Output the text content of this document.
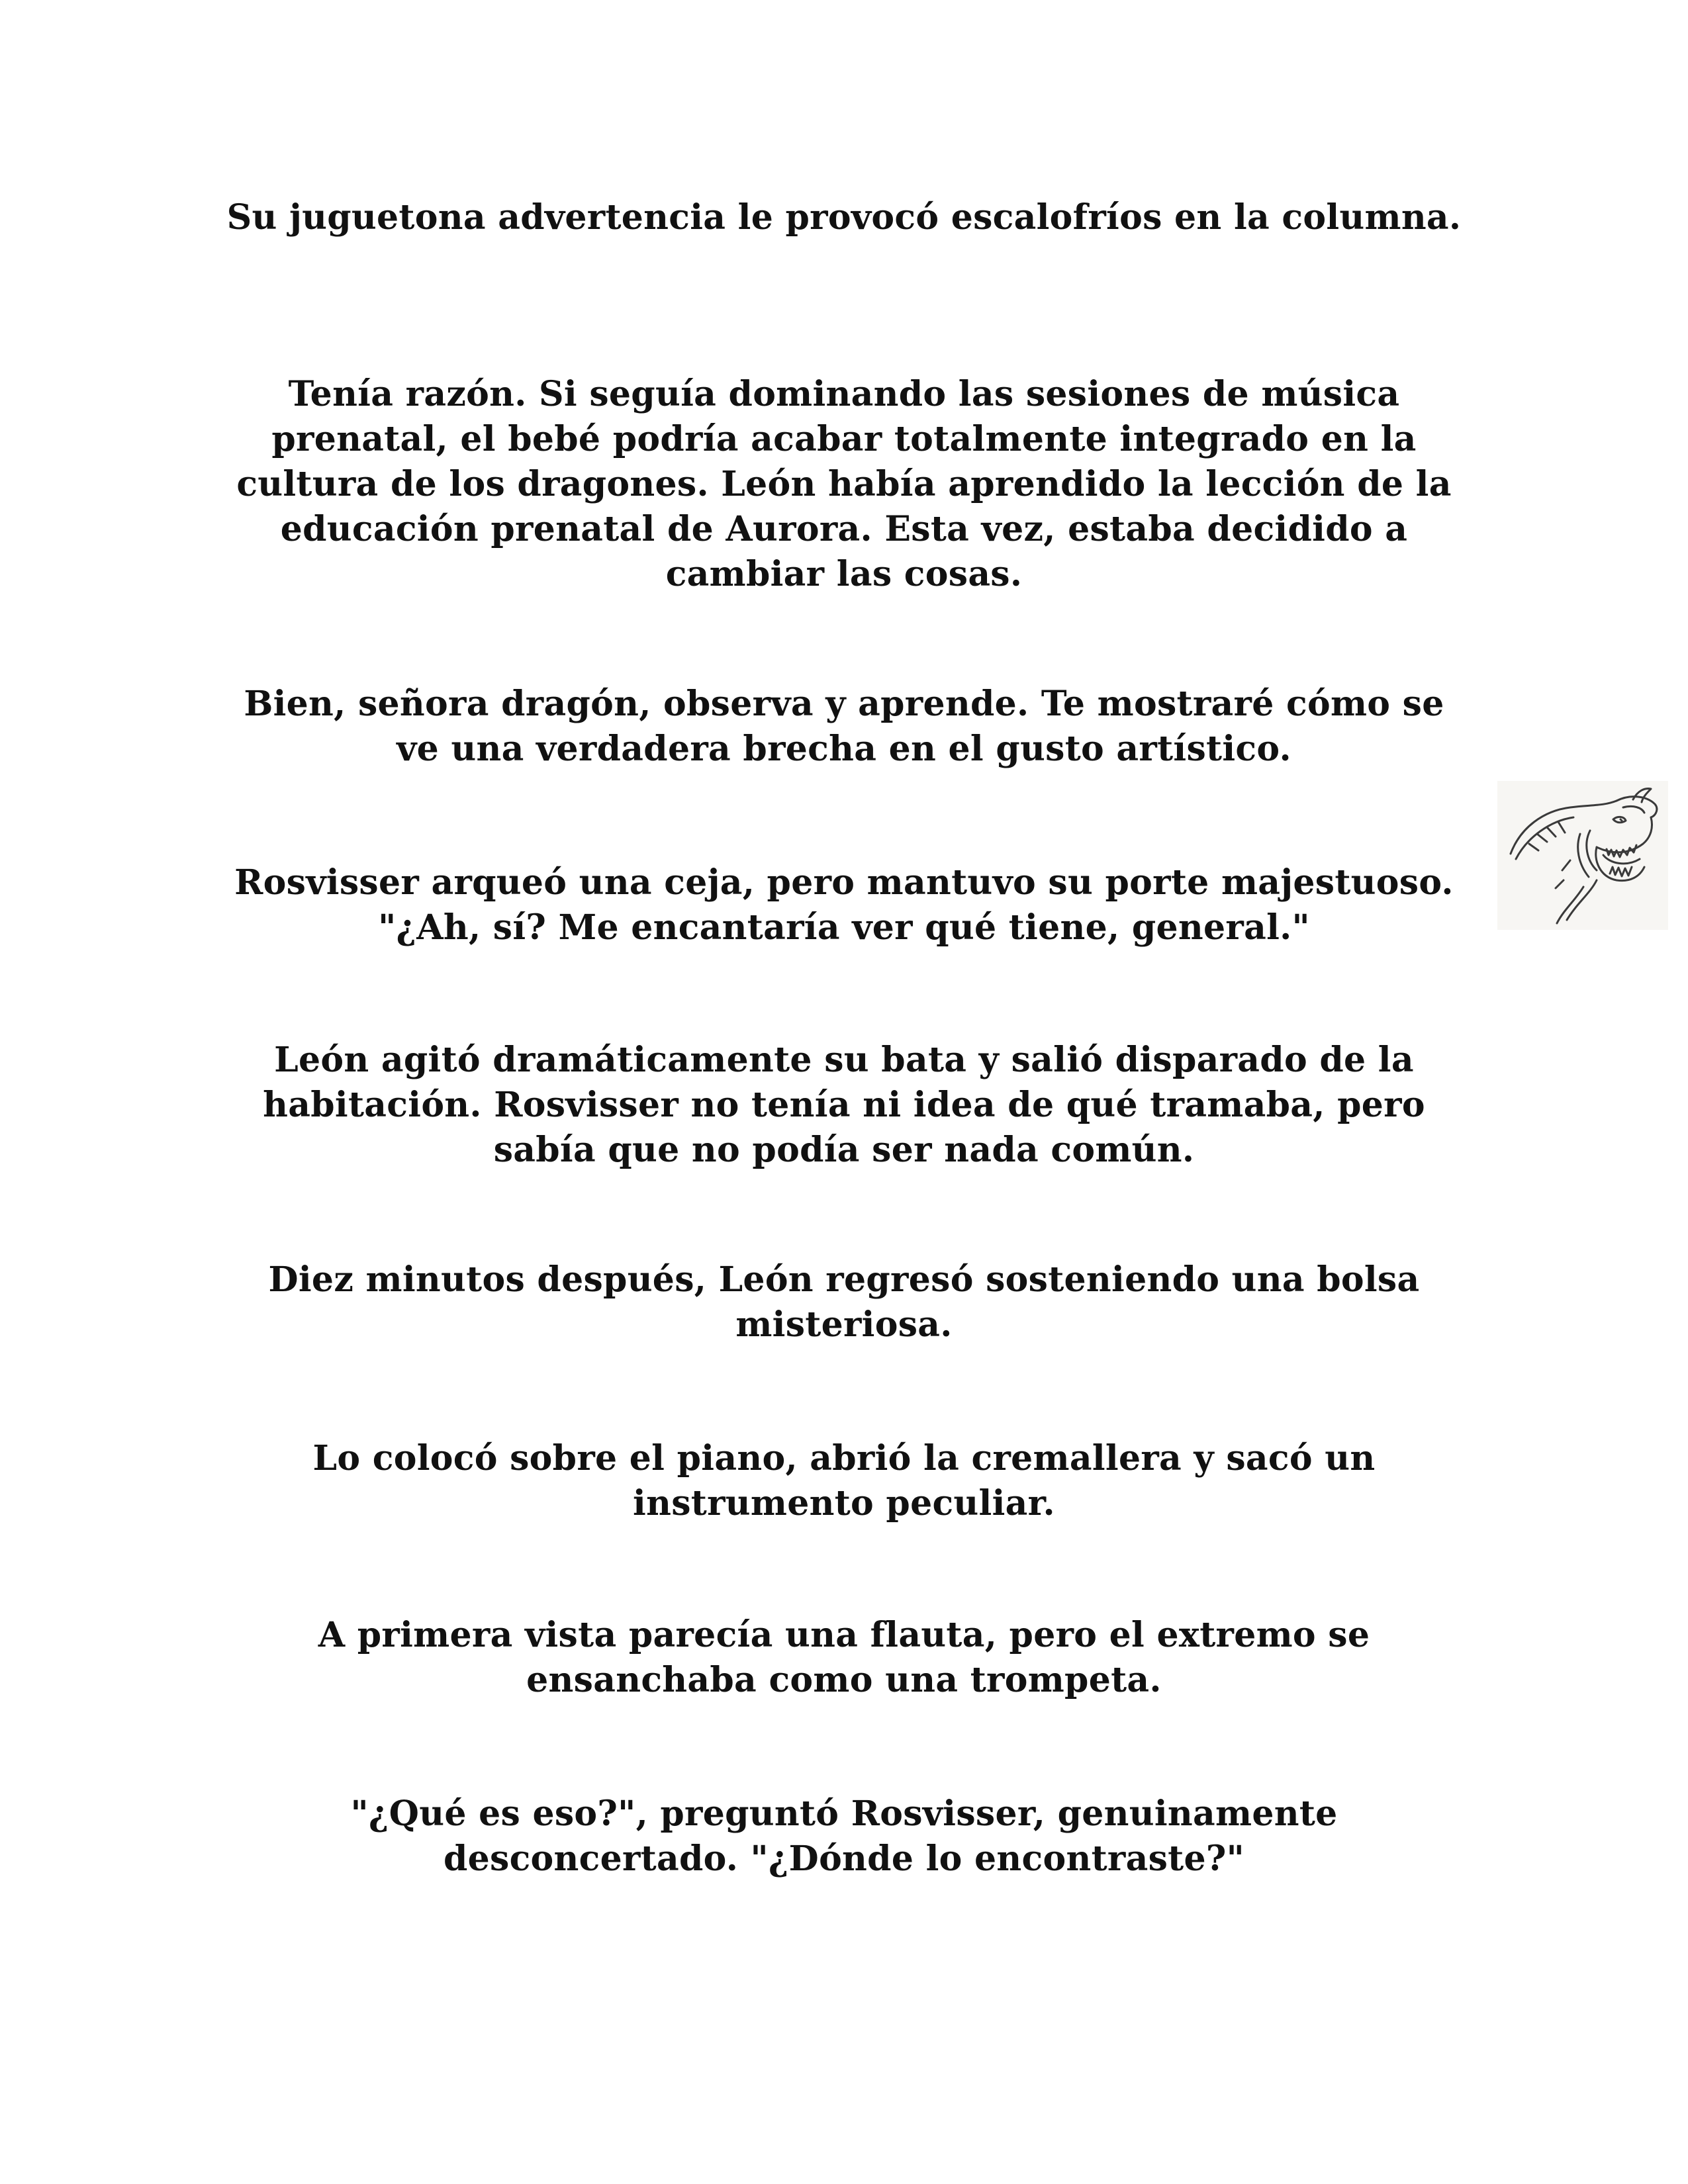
Su juguetona advertencia le provocó escalofríos en la columna.

Tenía razón. Si seguía dominando las sesiones de música prenatal, el bebé podría acabar totalmente integrado en la cultura de los dragones. León había aprendido la lección de la educación prenatal de Aurora. Esta vez, estaba decidido a cambiar las cosas.

Bien, señora dragón, observa y aprende. Te mostraré cómo se ve una verdadera brecha en el gusto artístico.

Rosvisser arqueó una ceja, pero mantuvo su porte majestuoso. "¿Ah, sí? Me encantaría ver qué tiene, general."

León agitó dramáticamente su bata y salió disparado de la habitación. Rosvisser no tenía ni idea de qué tramaba, pero sabía que no podía ser nada común.

Diez minutos después, León regresó sosteniendo una bolsa misteriosa.

Lo colocó sobre el piano, abrió la cremallera y sacó un instrumento peculiar.

A primera vista parecía una flauta, pero el extremo se ensanchaba como una trompeta.

"¿Qué es eso?", preguntó Rosvisser, genuinamente desconcertado. "¿Dónde lo encontraste?"
